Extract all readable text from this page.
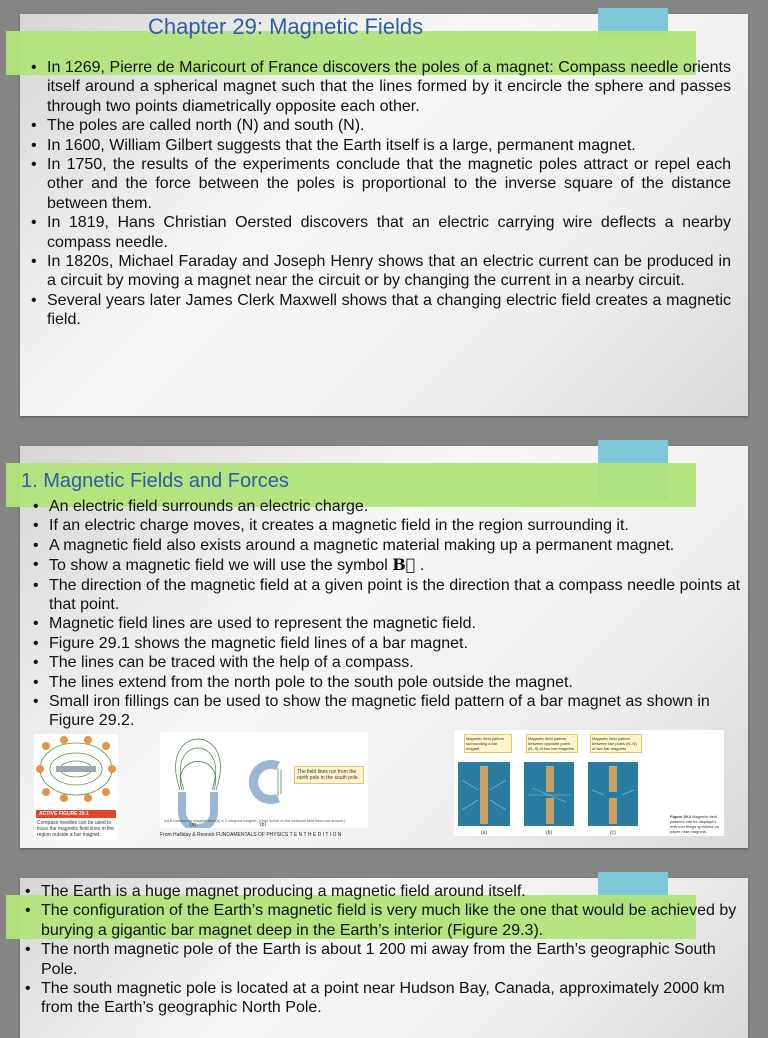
Chapter 29: Magnetic Fields
• In 1269, Pierre de Maricourt of France discovers the poles of a magnet: Compass needle orients itself around a spherical magnet such that the lines formed by it encircle the sphere and passes through two points diametrically opposite each other.
• The poles are called north (N) and south (N).
• In 1600, William Gilbert suggests that the Earth itself is a large, permanent magnet.
• In 1750, the results of the experiments conclude that the magnetic poles attract or repel each other and the force between the poles is proportional to the inverse square of the distance between them.
• In 1819, Hans Christian Oersted discovers that an electric carrying wire deflects a nearby compass needle.
• In 1820s, Michael Faraday and Joseph Henry shows that an electric current can be produced in a circuit by moving a magnet near the circuit or by changing the current in a nearby circuit.
• Several years later James Clerk Maxwell shows that a changing electric field creates a magnetic field.
1. Magnetic Fields and Forces
• An electric field surrounds an electric charge.
• If an electric charge moves, it creates a magnetic field in the region surrounding it.
• A magnetic field also exists around a magnetic material making up a permanent magnet.
• To show a magnetic field we will use the symbol B⃗ .
• The direction of the magnetic field at a given point is the direction that a compass needle points at that point.
• Magnetic field lines are used to represent the magnetic field.
• Figure 29.1 shows the magnetic field lines of a bar magnet.
• The lines can be traced with the help of a compass.
• The lines extend from the north pole to the south pole outside the magnet.
• Small iron fillings can be used to show the magnetic field pattern of a bar magnet as shown in Figure 29.2.
ACTIVE FIGURE 29.1
Compass needles can be used to trace the magnetic field lines in the region outside a bar magnet.
(a)	(b)
The field lines run from the north pole to the south pole.
(a) A horseshoe magnet and (b) a C-shaped magnet. (Only some of the external field lines are shown.)
From Halliday & Resnick FUNDAMENTALS OF PHYSICS T E N T H E D I T I O N
Magnetic field pattern surrounding a bar magnet
Magnetic field pattern between opposite poles (N–S) of two bar magnets
Magnetic field pattern between like poles (N–N) of two bar magnets
(a)	(b)	(c)
Figure 29.2 Magnetic field patterns can be displayed with iron filings sprinkled on paper near magnets.
• The Earth is a huge magnet producing a magnetic field around itself.
• The configuration of the Earth’s magnetic field is very much like the one that would be achieved by burying a gigantic bar magnet deep in the Earth’s interior (Figure 29.3).
• The north magnetic pole of the Earth is about 1 200 mi away from the Earth’s geographic South Pole.
• The south magnetic pole is located at a point near Hudson Bay, Canada, approximately 2000 km from the Earth’s geographic North Pole.
